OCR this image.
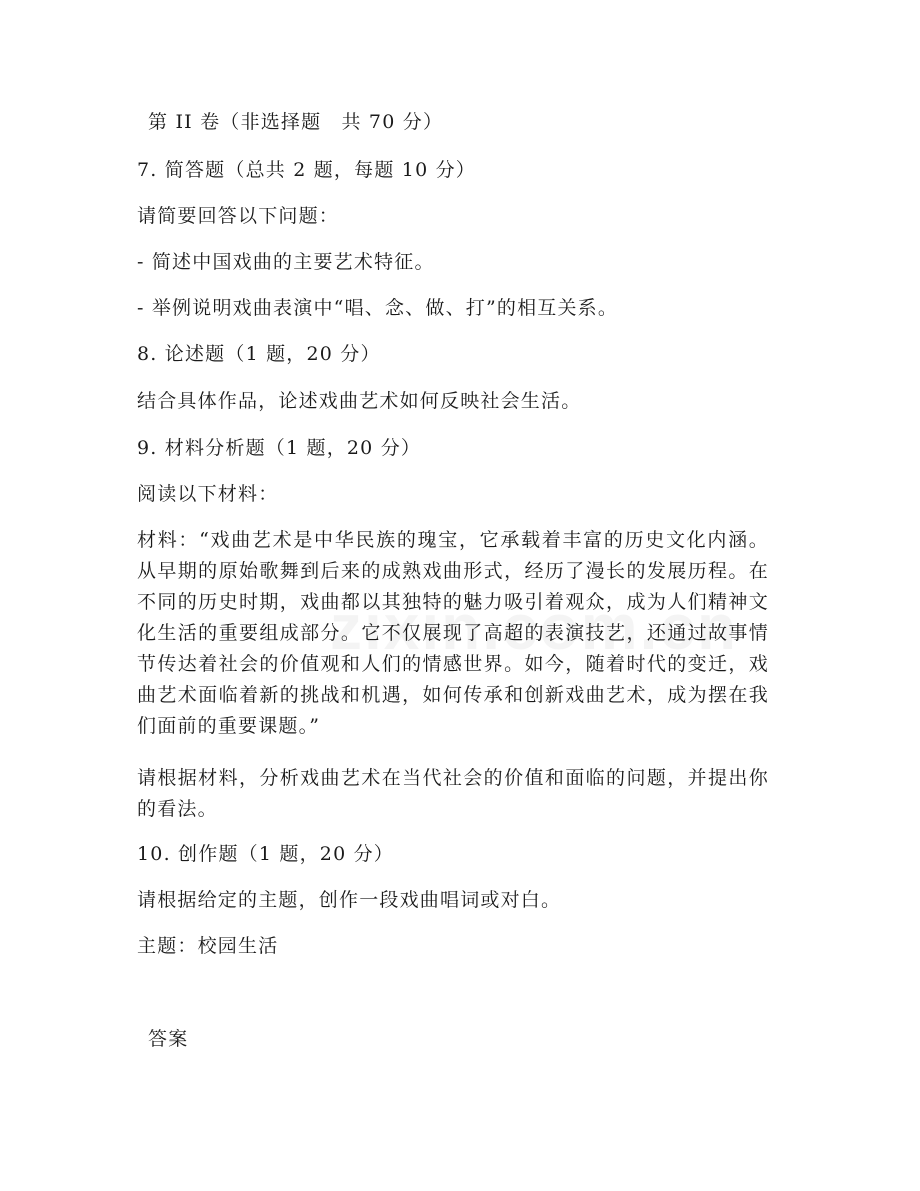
第 II 卷（非选择题　共 70 分）
7. 简答题（总共 2 题，每题 10 分）
请简要回答以下问题：
- 简述中国戏曲的主要艺术特征。
- 举例说明戏曲表演中“唱、念、做、打”的相互关系。
8. 论述题（1 题，20 分）
结合具体作品，论述戏曲艺术如何反映社会生活。
9. 材料分析题（1 题，20 分）
阅读以下材料：
材料：“戏曲艺术是中华民族的瑰宝，它承载着丰富的历史文化内涵。从早期的原始歌舞到后来的成熟戏曲形式，经历了漫长的发展历程。在不同的历史时期，戏曲都以其独特的魅力吸引着观众，成为人们精神文化生活的重要组成部分。它不仅展现了高超的表演技艺，还通过故事情节传达着社会的价值观和人们的情感世界。如今，随着时代的变迁，戏曲艺术面临着新的挑战和机遇，如何传承和创新戏曲艺术，成为摆在我们面前的重要课题。”
请根据材料，分析戏曲艺术在当代社会的价值和面临的问题，并提出你的看法。
10. 创作题（1 题，20 分）
请根据给定的主题，创作一段戏曲唱词或对白。
主题：校园生活
答案
